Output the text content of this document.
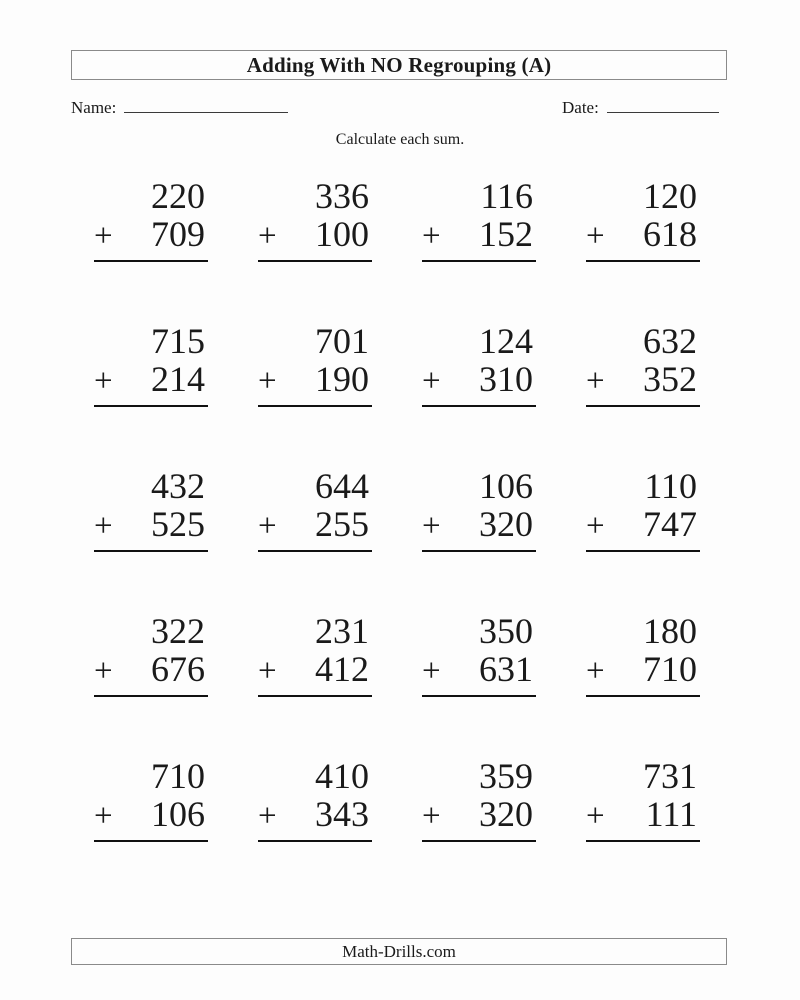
Adding With NO Regrouping (A)
Name:	Date:
Calculate each sum.
220
+ 709
336
+ 100
116
+ 152
120
+ 618
715
+ 214
701
+ 190
124
+ 310
632
+ 352
432
+ 525
644
+ 255
106
+ 320
110
+ 747
322
+ 676
231
+ 412
350
+ 631
180
+ 710
710
+ 106
410
+ 343
359
+ 320
731
+ 111
Math-Drills.com
